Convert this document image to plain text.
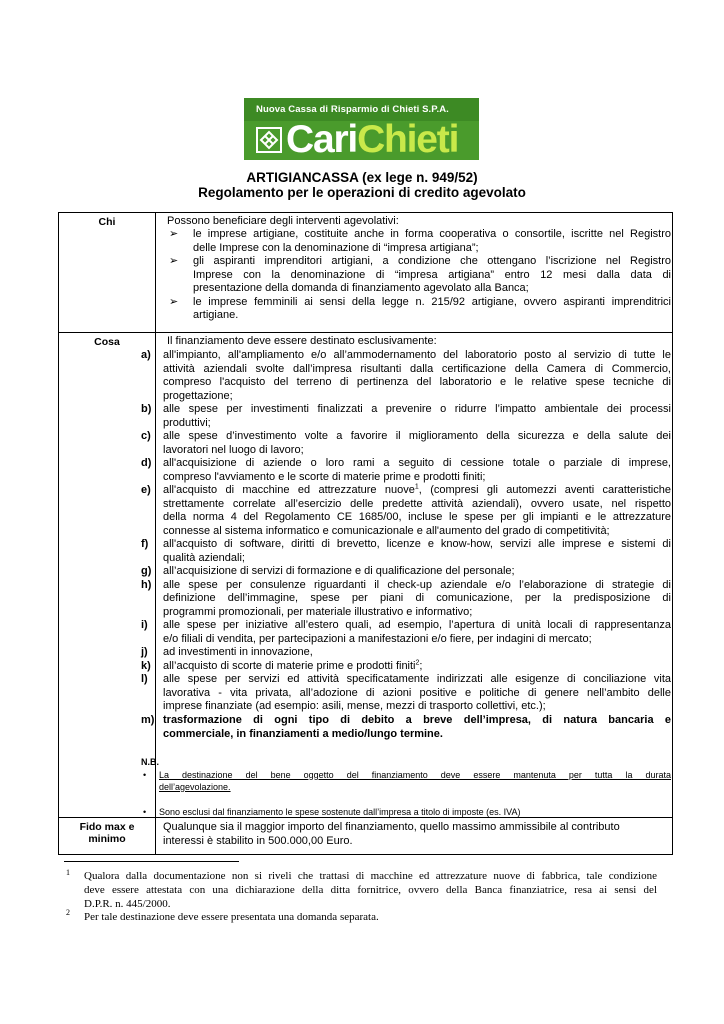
Nuova Cassa di Risparmio di Chieti S.P.A.
CariChieti
ARTIGIANCASSA (ex lege n. 949/52)
Regolamento per le operazioni di credito agevolato
Chi	Possono beneficiare degli interventi agevolativi:
➢ le imprese artigiane, costituite anche in forma cooperativa o consortile, iscritte nel Registro
delle Imprese con la denominazione di “impresa artigiana”;
➢ gli aspiranti imprenditori artigiani, a condizione che ottengano l’iscrizione nel Registro
Imprese con la denominazione di “impresa artigiana” entro 12 mesi dalla data di
presentazione della domanda di finanziamento agevolato alla Banca;
➢ le imprese femminili ai sensi della legge n. 215/92 artigiane, ovvero aspiranti imprenditrici
artigiane.
Cosa	Il finanziamento deve essere destinato esclusivamente:
a) all'impianto, all'ampliamento e/o all’ammodernamento del laboratorio posto al servizio di tutte le
attività aziendali svolte dall’impresa risultanti dalla certificazione della Camera di Commercio,
compreso l'acquisto del terreno di pertinenza del laboratorio e le relative spese tecniche di
progettazione;
b) alle spese per investimenti finalizzati a prevenire o ridurre l’impatto ambientale dei processi
produttivi;
c) alle spese d’investimento volte a favorire il miglioramento della sicurezza e della salute dei
lavoratori nel luogo di lavoro;
d) all'acquisizione di aziende o loro rami a seguito di cessione totale o parziale di imprese,
compreso l'avviamento e le scorte di materie prime e prodotti finiti;
e) all'acquisto di macchine ed attrezzature nuove$^1$, (compresi gli automezzi aventi caratteristiche
strettamente correlate all’esercizio delle predette attività aziendali), ovvero usate, nel rispetto
della norma 4 del Regolamento CE 1685/00, incluse le spese per gli impianti e le attrezzature
connesse al sistema informatico e comunicazionale e all'aumento del grado di competitività;
f) all'acquisto di software, diritti di brevetto, licenze e know-how, servizi alle imprese e sistemi di
qualità aziendali;
g) all’acquisizione di servizi di formazione e di qualificazione del personale;
h) alle spese per consulenze riguardanti il check-up aziendale e/o l’elaborazione di strategie di
definizione dell’immagine, spese per piani di comunicazione, per la predisposizione di
programmi promozionali, per materiale illustrativo e informativo;
i) alle spese per iniziative all’estero quali, ad esempio, l’apertura di unità locali di rappresentanza
e/o filiali di vendita, per partecipazioni a manifestazioni e/o fiere, per indagini di mercato;
j) ad investimenti in innovazione,
k) all’acquisto di scorte di materie prime e prodotti finiti$^2$;
l) alle spese per servizi ed attività specificatamente indirizzati alle esigenze di conciliazione vita
lavorativa - vita privata, all’adozione di azioni positive e politiche di genere nell’ambito delle
imprese finanziate (ad esempio: asili, mense, mezzi di trasporto collettivi, etc.);
m) trasformazione di ogni tipo di debito a breve dell’impresa, di natura bancaria e
commerciale, in finanziamenti a medio/lungo termine.
N.B.
• La destinazione del bene oggetto del finanziamento deve essere mantenuta per tutta la durata
dell’agevolazione.
• Sono esclusi dal finanziamento le spese sostenute dall’impresa a titolo di imposte (es. IVA)
Fido max e
minimo
Qualunque sia il maggior importo del finanziamento, quello massimo ammissibile al contributo
interessi è stabilito in 500.000,00 Euro.
1 Qualora dalla documentazione non si riveli che trattasi di macchine ed attrezzature nuove di fabbrica, tale condizione
deve essere attestata con una dichiarazione della ditta fornitrice, ovvero della Banca finanziatrice, resa ai sensi del
D.P.R. n. 445/2000.
2 Per tale destinazione deve essere presentata una domanda separata.
